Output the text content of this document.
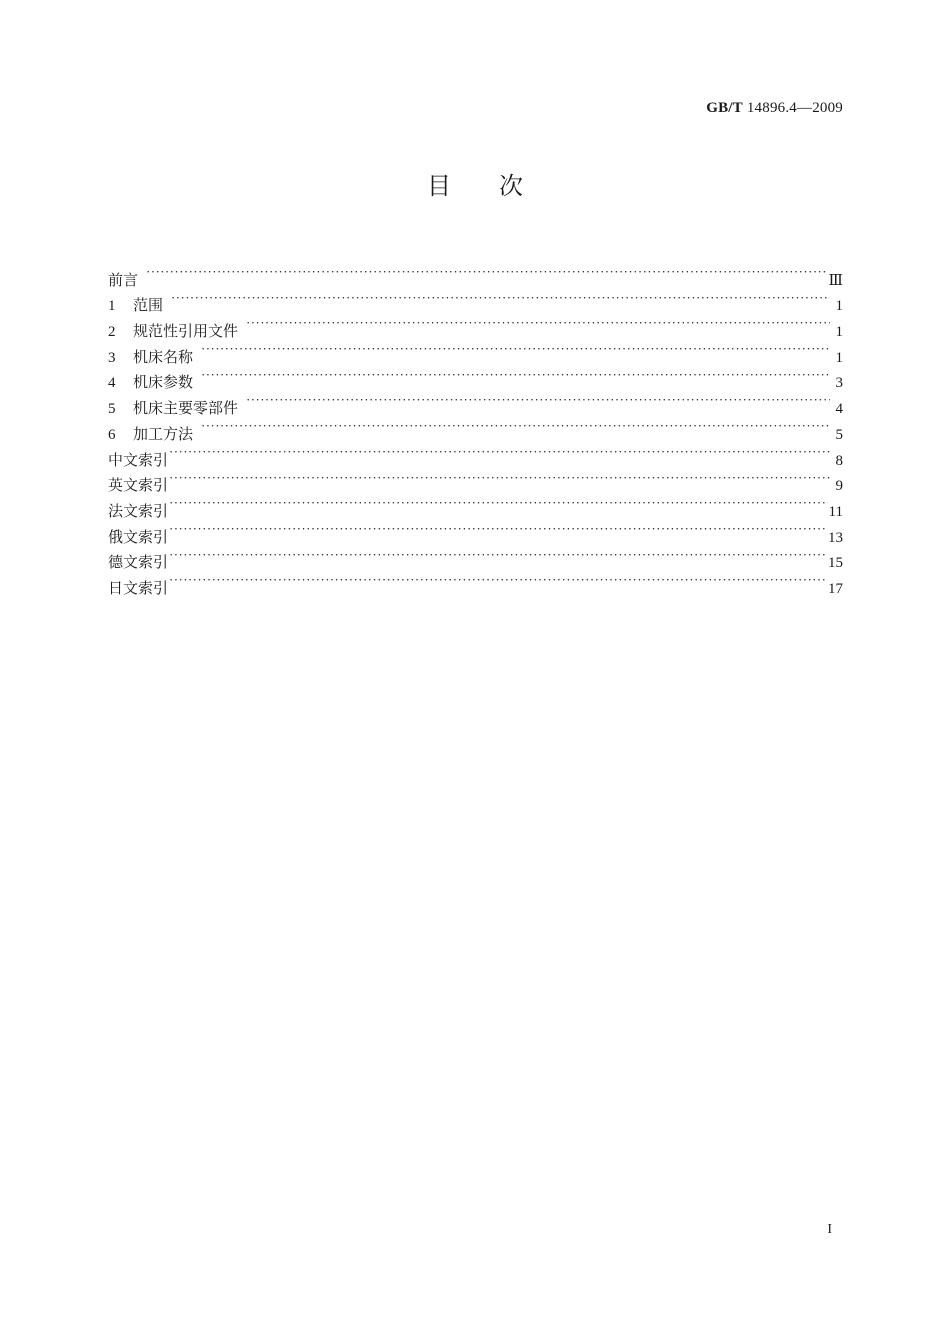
GB/T 14896.4—2009
目 次
前言 ·····	Ⅲ
1	范围 ·····	1
2	规范性引用文件 ·····	1
3	机床名称 ·····	1
4	机床参数 ·····	3
5	机床主要零部件 ·····	4
6	加工方法 ·····	5
中文索引 ·····	8
英文索引 ·····	9
法文索引 ·····	11
俄文索引 ·····	13
德文索引 ·····	15
日文索引 ·····	17
I
